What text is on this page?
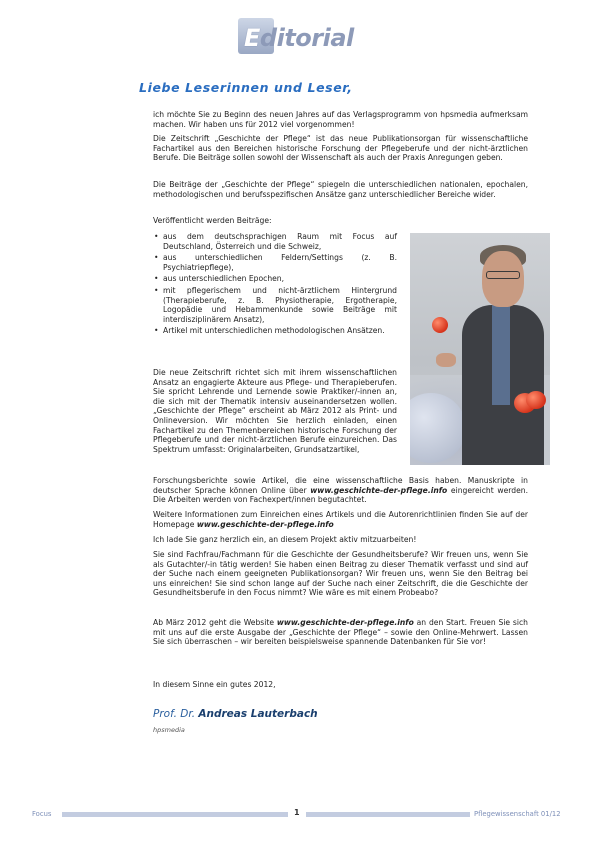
Editorial
Liebe Leserinnen und Leser,
ich möchte Sie zu Beginn des neuen Jahres auf das Verlagsprogramm von hpsmedia aufmerksam machen. Wir haben uns für 2012 viel vorgenommen!
Die Zeitschrift „Geschichte der Pflege“ ist das neue Publikationsorgan für wissenschaftliche Fachartikel aus den Bereichen historische Forschung der Pflegeberufe und der nicht-ärztlichen Berufe. Die Beiträge sollen sowohl der Wissenschaft als auch der Praxis Anregungen geben.
Die Beiträge der „Geschichte der Pflege“ spiegeln die unterschiedlichen nationalen, epochalen, methodologischen und berufsspezifischen Ansätze ganz unterschiedlicher Bereiche wider.
Veröffentlicht werden Beiträge:
• aus dem deutschsprachigen Raum mit Focus auf Deutschland, Österreich und die Schweiz,
• aus unterschiedlichen Feldern/Settings (z. B. Psychiatriepflege),
• aus unterschiedlichen Epochen,
• mit pflegerischem und nicht-ärztlichem Hintergrund (Therapieberufe, z. B. Physiotherapie, Ergotherapie, Logopädie und Hebammenkunde sowie Beiträge mit interdisziplinärem Ansatz),
• Artikel mit unterschiedlichen methodologischen Ansätzen.
Die neue Zeitschrift richtet sich mit ihrem wissenschaftlichen Ansatz an engagierte Akteure aus Pflege- und Therapieberufen. Sie spricht Lehrende und Lernende sowie Praktiker/-innen an, die sich mit der Thematik intensiv auseinandersetzen wollen. „Geschichte der Pflege“ erscheint ab März 2012 als Print- und Onlineversion. Wir möchten Sie herzlich einladen, einen Fachartikel zu den Themenbereichen historische Forschung der Pflegeberufe und der nicht-ärztlichen Berufe einzureichen. Das Spektrum umfasst: Originalarbeiten, Grundsatzartikel,
Forschungsberichte sowie Artikel, die eine wissenschaftliche Basis haben. Manuskripte in deutscher Sprache können Online über www.geschichte-der-pflege.info eingereicht werden. Die Arbeiten werden von Fachexpert/innen begutachtet.
Weitere Informationen zum Einreichen eines Artikels und die Autorenrichtlinien finden Sie auf der Homepage www.geschichte-der-pflege.info
Ich lade Sie ganz herzlich ein, an diesem Projekt aktiv mitzuarbeiten!
Sie sind Fachfrau/Fachmann für die Geschichte der Gesundheitsberufe? Wir freuen uns, wenn Sie als Gutachter/-in tätig werden! Sie haben einen Beitrag zu dieser Thematik verfasst und sind auf der Suche nach einem geeigneten Publikationsorgan? Wir freuen uns, wenn Sie den Beitrag bei uns einreichen! Sie sind schon lange auf der Suche nach einer Zeitschrift, die die Geschichte der Gesundheitsberufe in den Focus nimmt? Wie wäre es mit einem Probeabo?
Ab März 2012 geht die Website www.geschichte-der-pflege.info an den Start. Freuen Sie sich mit uns auf die erste Ausgabe der „Geschichte der Pflege“ – sowie den Online-Mehrwert. Lassen Sie sich überraschen – wir bereiten beispielsweise spannende Datenbanken für Sie vor!
In diesem Sinne ein gutes 2012,
Prof. Dr. Andreas Lauterbach
hpsmedia
Focus	1	Pflegewissenschaft 01/12
